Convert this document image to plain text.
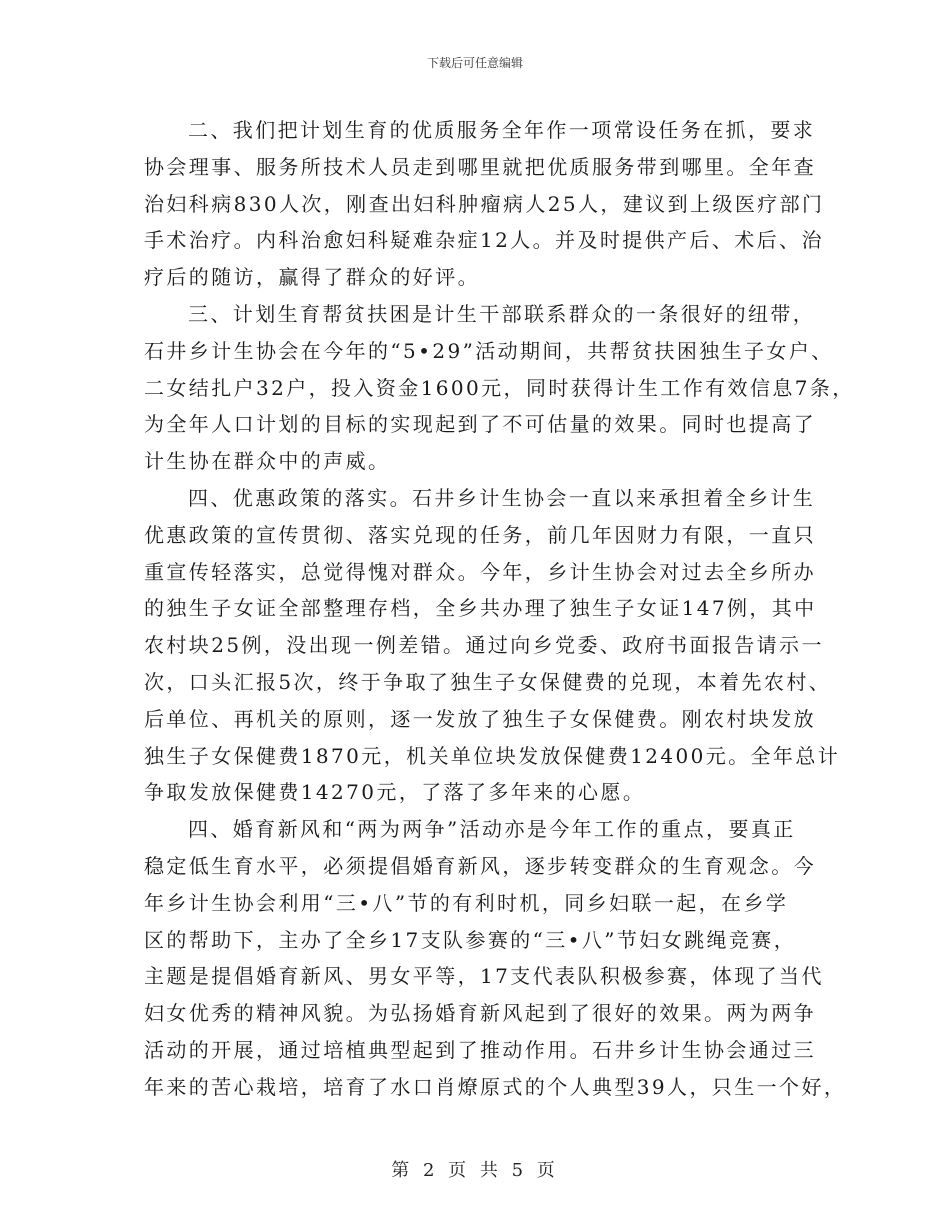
下载后可任意编辑
二、我们把计划生育的优质服务全年作一项常设任务在抓，要求
协会理事、服务所技术人员走到哪里就把优质服务带到哪里。全年查
治妇科病830人次，刚查出妇科肿瘤病人25人，建议到上级医疗部门
手术治疗。内科治愈妇科疑难杂症12人。并及时提供产后、术后、治
疗后的随访，赢得了群众的好评。
三、计划生育帮贫扶困是计生干部联系群众的一条很好的纽带，
石井乡计生协会在今年的“5•29”活动期间，共帮贫扶困独生子女户、
二女结扎户32户，投入资金1600元，同时获得计生工作有效信息7条，
为全年人口计划的目标的实现起到了不可估量的效果。同时也提高了
计生协在群众中的声威。
四、优惠政策的落实。石井乡计生协会一直以来承担着全乡计生
优惠政策的宣传贯彻、落实兑现的任务，前几年因财力有限，一直只
重宣传轻落实，总觉得愧对群众。今年，乡计生协会对过去全乡所办
的独生子女证全部整理存档，全乡共办理了独生子女证147例，其中
农村块25例，没出现一例差错。通过向乡党委、政府书面报告请示一
次，口头汇报5次，终于争取了独生子女保健费的兑现，本着先农村、
后单位、再机关的原则，逐一发放了独生子女保健费。刚农村块发放
独生子女保健费1870元，机关单位块发放保健费12400元。全年总计
争取发放保健费14270元，了落了多年来的心愿。
四、婚育新风和“两为两争”活动亦是今年工作的重点，要真正
稳定低生育水平，必须提倡婚育新风，逐步转变群众的生育观念。今
年乡计生协会利用“三•八”节的有利时机，同乡妇联一起，在乡学
区的帮助下，主办了全乡17支队参赛的“三•八”节妇女跳绳竞赛，
主题是提倡婚育新风、男女平等，17支代表队积极参赛，体现了当代
妇女优秀的精神风貌。为弘扬婚育新风起到了很好的效果。两为两争
活动的开展，通过培植典型起到了推动作用。石井乡计生协会通过三
年来的苦心栽培，培育了水口肖燎原式的个人典型39人，只生一个好，
第 2 页 共 5 页
